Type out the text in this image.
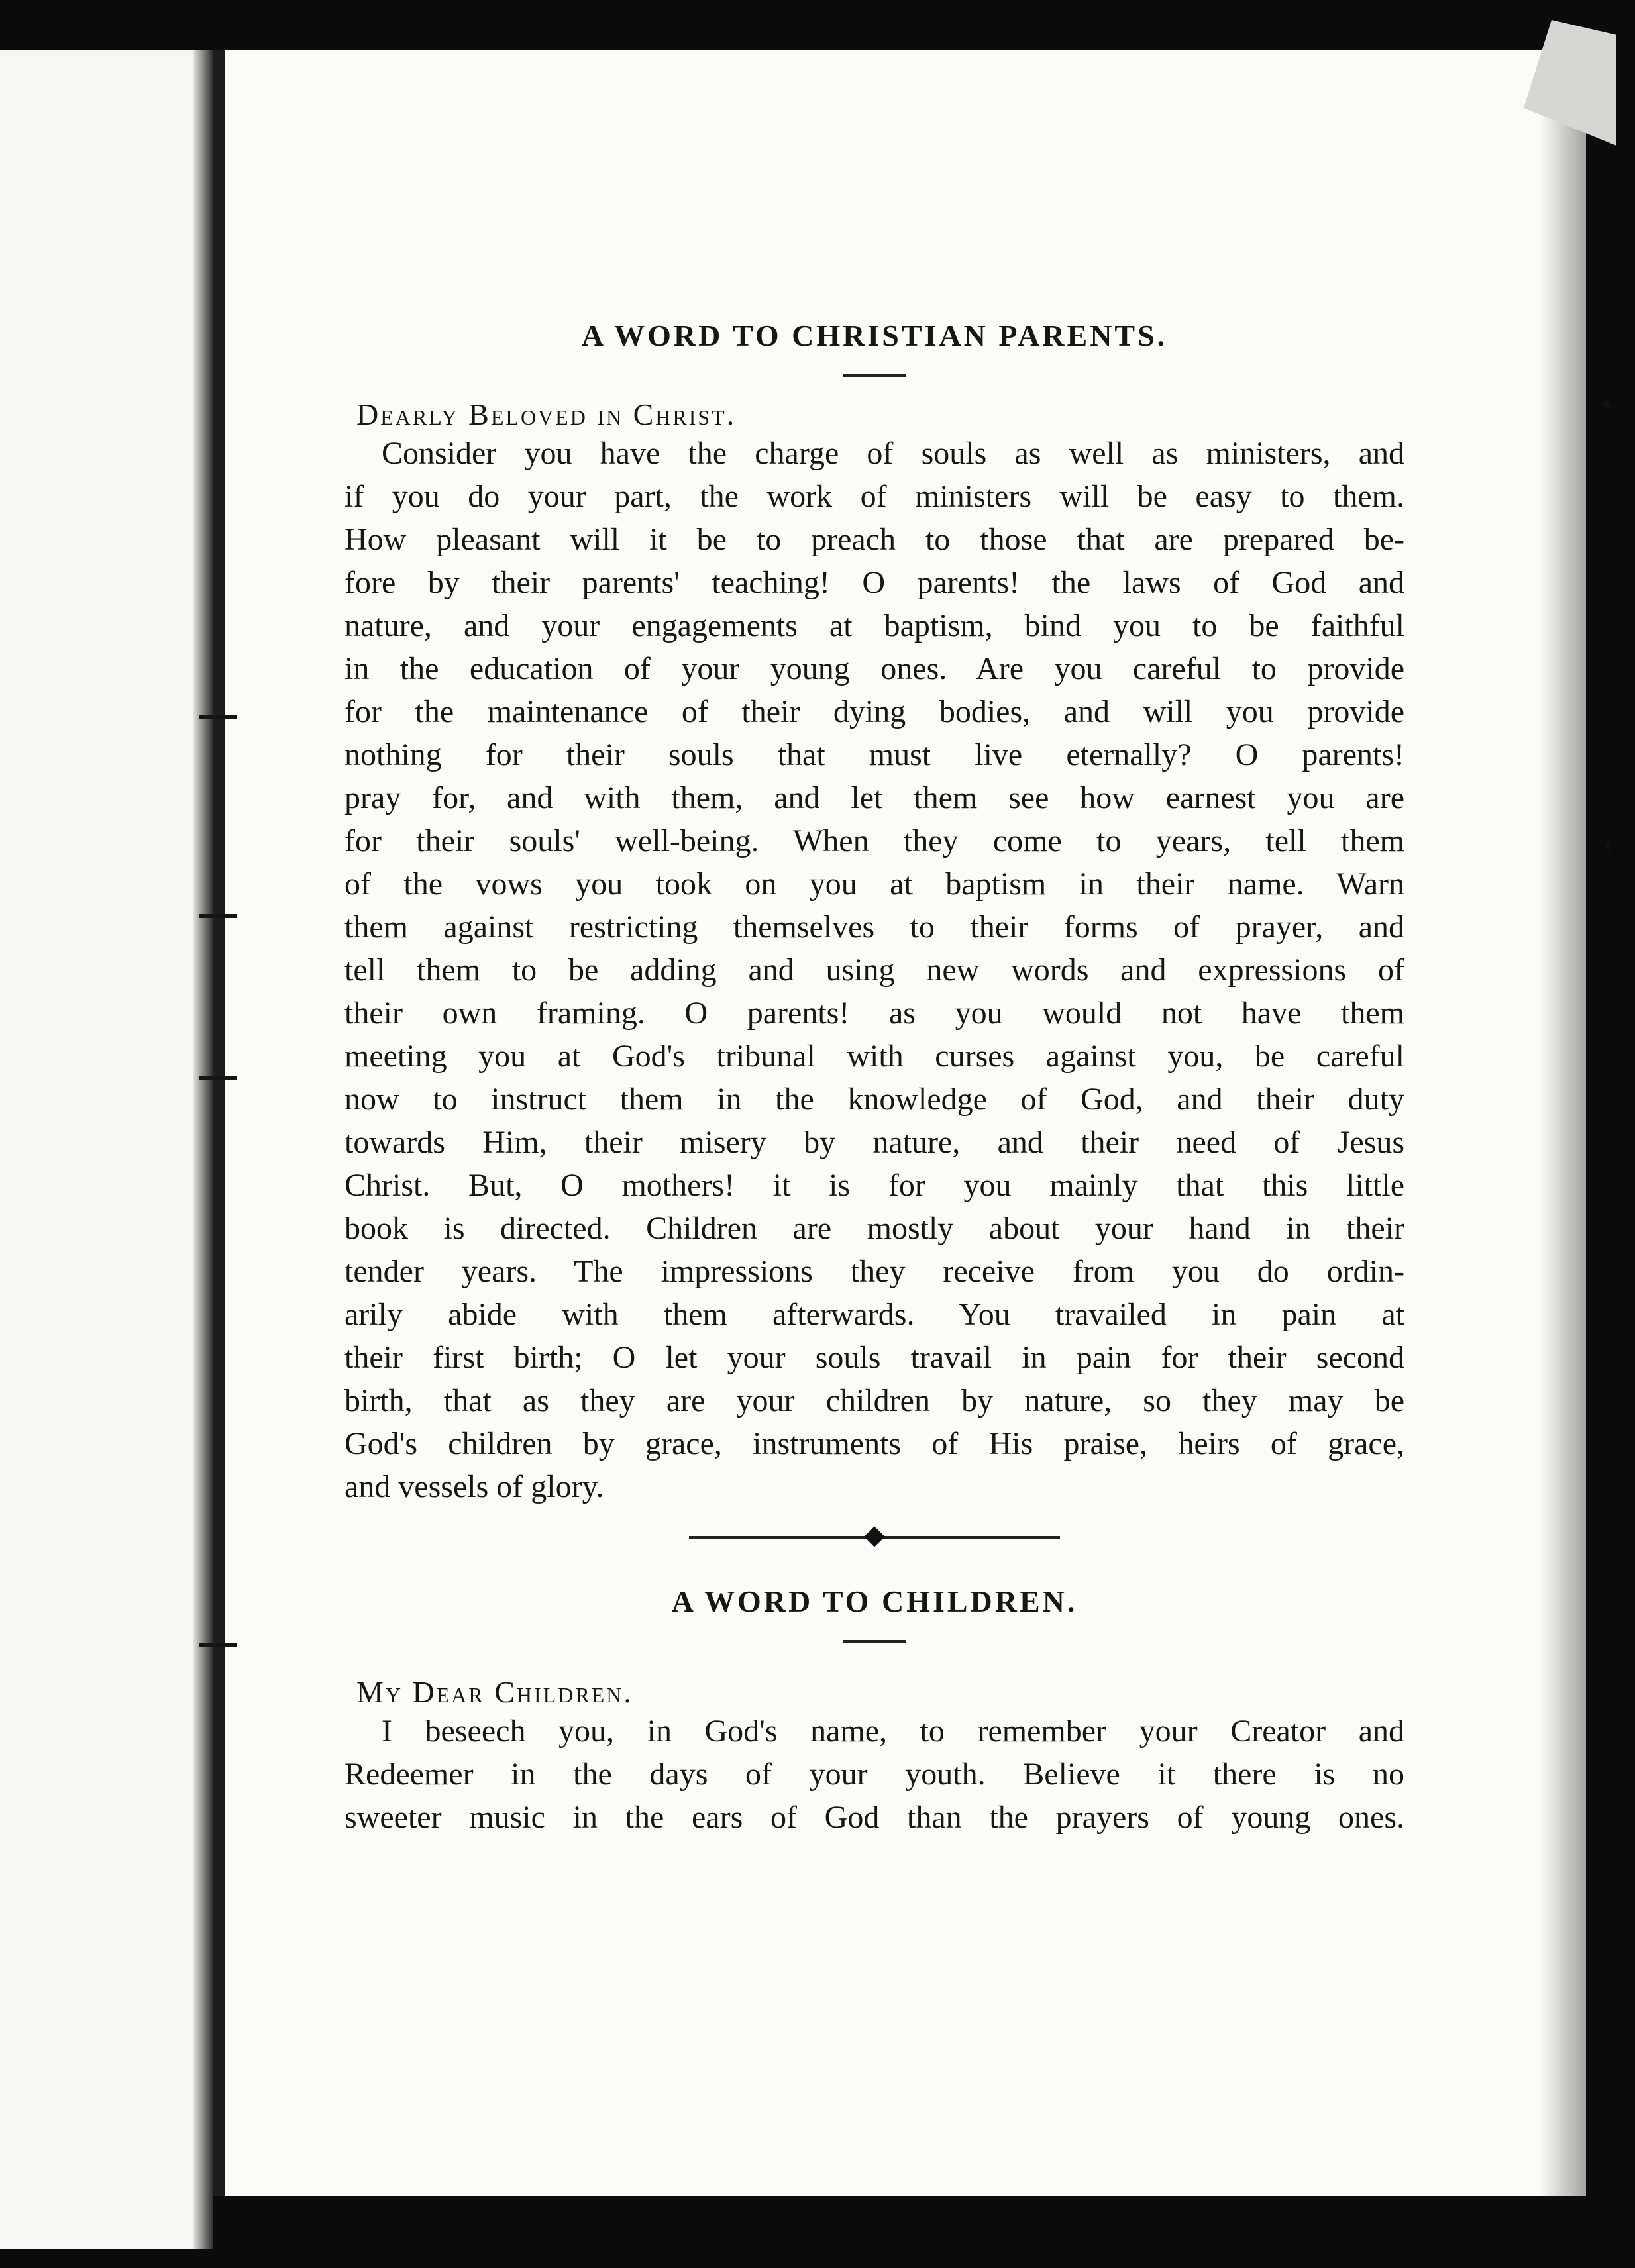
•
‹
A WORD TO CHRISTIAN PARENTS.
Dearly Beloved in Christ.

Consider you have the charge of souls as well as ministers, and

if you do your part, the work of ministers will be easy to them.

How pleasant will it be to preach to those that are prepared be-

fore by their parents' teaching! O parents! the laws of God and

nature, and your engagements at baptism, bind you to be faithful

in the education of your young ones. Are you careful to provide

for the maintenance of their dying bodies, and will you provide

nothing for their souls that must live eternally? O parents!

pray for, and with them, and let them see how earnest you are

for their souls' well-being. When they come to years, tell them

of the vows you took on you at baptism in their name. Warn

them against restricting themselves to their forms of prayer, and

tell them to be adding and using new words and expressions of

their own framing. O parents! as you would not have them

meeting you at God's tribunal with curses against you, be careful

now to instruct them in the knowledge of God, and their duty

towards Him, their misery by nature, and their need of Jesus

Christ. But, O mothers! it is for you mainly that this little

book is directed. Children are mostly about your hand in their

tender years. The impressions they receive from you do ordin-

arily abide with them afterwards. You travailed in pain at

their first birth; O let your souls travail in pain for their second

birth, that as they are your children by nature, so they may be

God's children by grace, instruments of His praise, heirs of grace,

and vessels of glory.

A WORD TO CHILDREN.
My Dear Children.

I beseech you, in God's name, to remember your Creator and

Redeemer in the days of your youth. Believe it there is no

sweeter music in the ears of God than the prayers of young ones.
